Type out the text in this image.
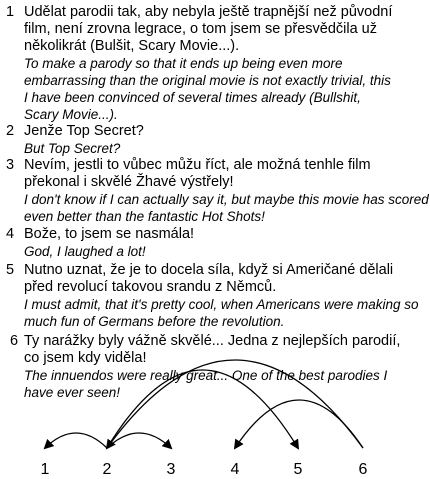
1 Udělat parodii tak, aby nebyla ještě trapnější než původní
film, není zrovna legrace, o tom jsem se přesvědčila už
několikrát (Bulšit, Scary Movie...).
To make a parody so that it ends up being even more
embarrassing than the original movie is not exactly trivial, this
I have been convinced of several times already (Bullshit,
Scary Movie...).
2 Jenže Top Secret?
But Top Secret?
3 Nevím, jestli to vůbec můžu říct, ale možná tenhle film
překonal i skvělé Žhavé výstřely!
I don't know if I can actually say it, but maybe this movie has scored
even better than the fantastic Hot Shots!
4 Bože, to jsem se nasmála!
God, I laughed a lot!
5 Nutno uznat, že je to docela síla, když si Američané dělali
před revolucí takovou srandu z Němců.
I must admit, that it's pretty cool, when Americans were making so
much fun of Germans before the revolution.
6 Ty narážky byly vážně skvělé... Jedna z nejlepších parodií,
co jsem kdy viděla!
The innuendos were really great... One of the best parodies I
have ever seen!
1	2	3	4	5	6
